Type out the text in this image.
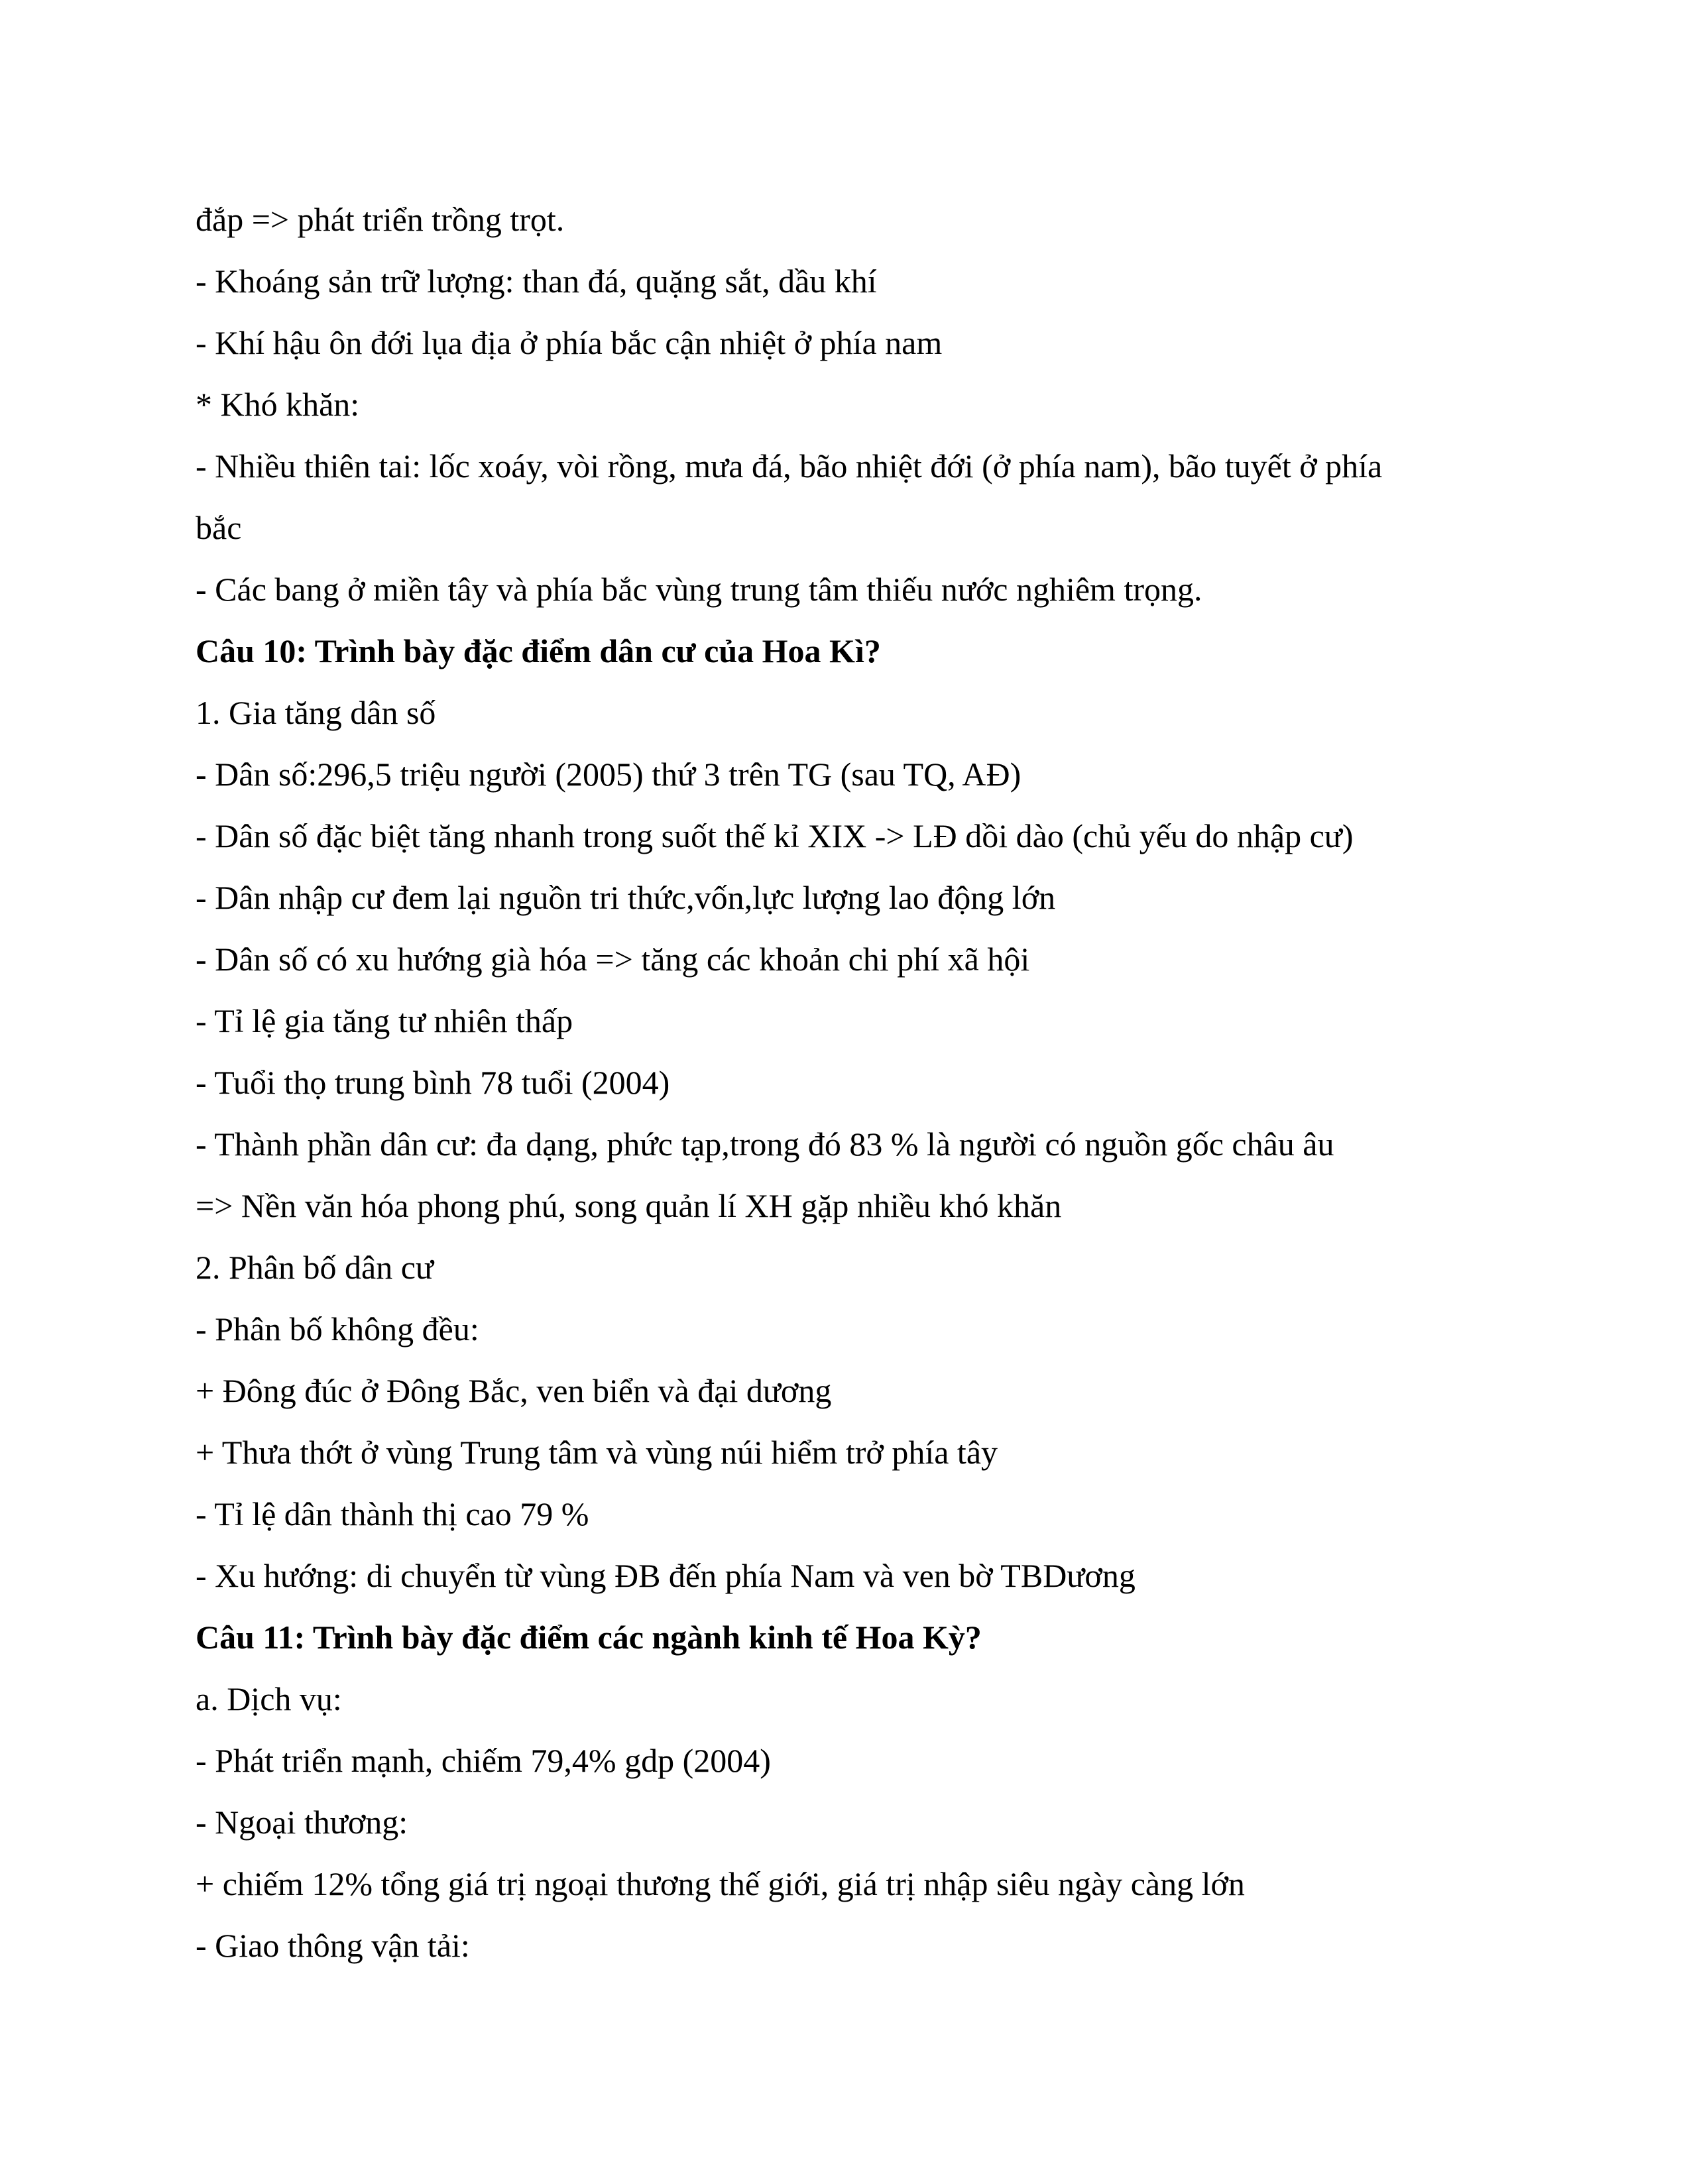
đắp => phát triển trồng trọt.

- Khoáng sản trữ lượng: than đá, quặng sắt, dầu khí

- Khí hậu ôn đới lụa địa ở phía bắc cận nhiệt ở phía nam

* Khó khăn:

- Nhiều thiên tai: lốc xoáy, vòi rồng, mưa đá, bão nhiệt đới (ở phía nam), bão tuyết ở phía

bắc

- Các bang ở miền tây và phía bắc vùng trung tâm thiếu nước nghiêm trọng.

Câu 10: Trình bày đặc điểm dân cư của Hoa Kì?

1. Gia tăng dân số

- Dân số:296,5 triệu người (2005) thứ 3 trên TG (sau TQ, AĐ)

- Dân số đặc biệt tăng nhanh trong suốt thế kỉ XIX -> LĐ dồi dào (chủ yếu do nhập cư)

- Dân nhập cư đem lại nguồn tri thức,vốn,lực lượng lao động lớn

- Dân số có xu hướng già hóa => tăng các khoản chi phí xã hội

- Tỉ lệ gia tăng tư nhiên thấp

- Tuổi thọ trung bình 78 tuổi (2004)

- Thành phần dân cư: đa dạng, phức tạp,trong đó 83 % là người có nguồn gốc châu âu

=> Nền văn hóa phong phú, song quản lí XH gặp nhiều khó khăn

2. Phân bố dân cư

- Phân bố không đều:

+ Đông đúc ở Đông Bắc, ven biển và đại dương

+ Thưa thớt ở vùng Trung tâm và vùng núi hiểm trở phía tây

- Tỉ lệ dân thành thị cao 79 %

- Xu hướng: di chuyển từ vùng ĐB đến phía Nam và ven bờ TBDương

Câu 11: Trình bày đặc điểm các ngành kinh tế Hoa Kỳ?

a. Dịch vụ:

- Phát triển mạnh, chiếm 79,4% gdp (2004)

- Ngoại thương:

+ chiếm 12% tổng giá trị ngoại thương thế giới, giá trị nhập siêu ngày càng lớn

- Giao thông vận tải:
